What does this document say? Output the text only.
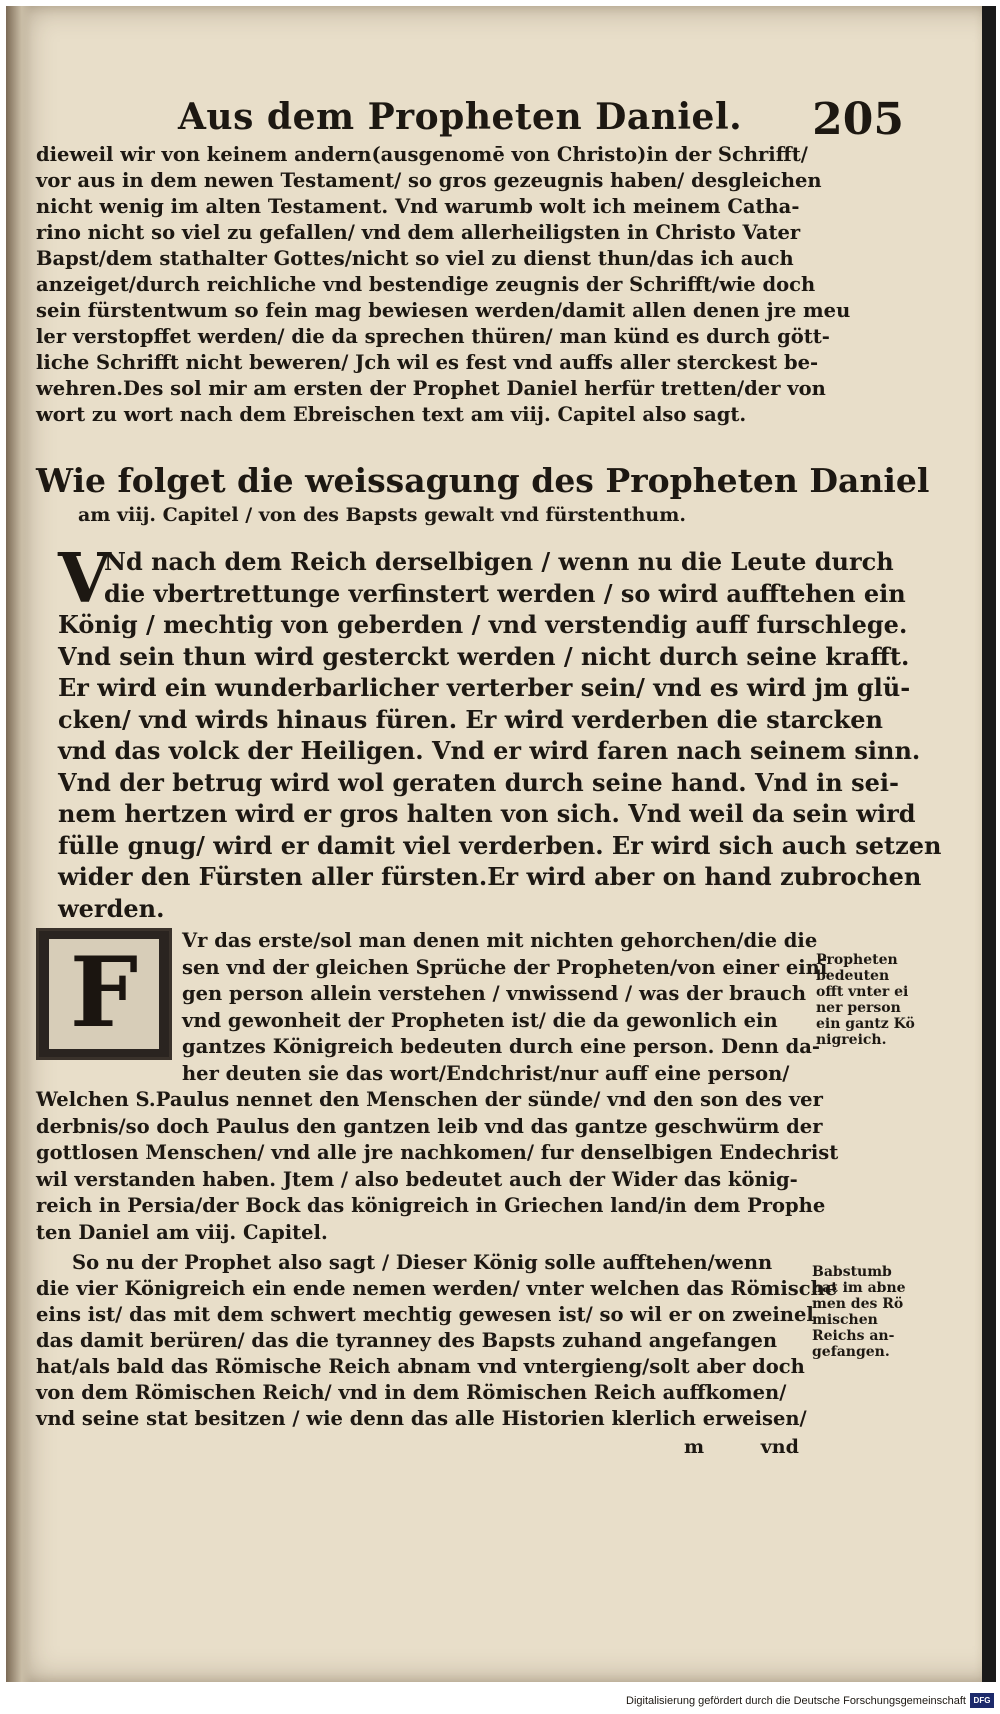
Aus dem Propheten Daniel. 205
dieweil wir von keinem andern(ausgenomē von Christo)in der Schrifft/
vor aus in dem newen Testament/ so gros gezeugnis haben/ desgleichen
nicht wenig im alten Testament. Vnd warumb wolt ich meinem Catha-
rino nicht so viel zu gefallen/ vnd dem allerheiligsten in Christo Vater
Bapst/dem stathalter Gottes/nicht so viel zu dienst thun/das ich auch
anzeiget/durch reichliche vnd bestendige zeugnis der Schrifft/wie doch
sein fürstentwum so fein mag bewiesen werden/damit allen denen jre meu
ler verstopffet werden/ die da sprechen thüren/ man künd es durch gött-
liche Schrifft nicht beweren/ Jch wil es fest vnd auffs aller sterckest be-
wehren.Des sol mir am ersten der Prophet Daniel herfür tretten/der von
wort zu wort nach dem Ebreischen text am viij. Capitel also sagt.
Wie folget die weissagung des Propheten Daniel
am viij. Capitel / von des Bapsts gewalt vnd fürstenthum.
V
Nd nach dem Reich derselbigen / wenn nu die Leute durch
die vbertrettunge verfinstert werden / so wird aufftehen ein
König / mechtig von geberden / vnd verstendig auff furschlege.
Vnd sein thun wird gesterckt werden / nicht durch seine krafft.
Er wird ein wunderbarlicher verterber sein/ vnd es wird jm glü-
cken/ vnd wirds hinaus füren. Er wird verderben die starcken
vnd das volck der Heiligen. Vnd er wird faren nach seinem sinn.
Vnd der betrug wird wol geraten durch seine hand. Vnd in sei-
nem hertzen wird er gros halten von sich. Vnd weil da sein wird
fülle gnug/ wird er damit viel verderben. Er wird sich auch setzen
wider den Fürsten aller fürsten.Er wird aber on hand zubrochen
werden.
F	Vr das erste/sol man denen mit nichten gehorchen/die die
sen vnd der gleichen Sprüche der Propheten/von einer einī
gen person allein verstehen / vnwissend / was der brauch
vnd gewonheit der Propheten ist/ die da gewonlich ein
gantzes Königreich bedeuten durch eine person. Denn da-
her deuten sie das wort/Endchrist/nur auff eine person/
Welchen S.Paulus nennet den Menschen der sünde/ vnd den son des ver
derbnis/so doch Paulus den gantzen leib vnd das gantze geschwürm der
gottlosen Menschen/ vnd alle jre nachkomen/ fur denselbigen Endechrist
wil verstanden haben. Jtem / also bedeutet auch der Wider das könig-
reich in Persia/der Bock das königreich in Griechen land/in dem Prophe
ten Daniel am viij. Capitel.
Propheten
bedeuten
offt vnter ei
ner person
ein gantz Kö
nigreich.
So nu der Prophet also sagt / Dieser König solle aufftehen/wenn
die vier Königreich ein ende nemen werden/ vnter welchen das Römische
eins ist/ das mit dem schwert mechtig gewesen ist/ so wil er on zweinel
das damit berüren/ das die tyranney des Bapsts zuhand angefangen
hat/als bald das Römische Reich abnam vnd vntergieng/solt aber doch
von dem Römischen Reich/ vnd in dem Römischen Reich auffkomen/
vnd seine stat besitzen / wie denn das alle Historien klerlich erweisen/
Babstumb
hat im abne
men des Rö
mischen
Reichs an-
gefangen.
m	vnd
Digitalisierung gefördert durch die Deutsche Forschungsgemeinschaft DFG
